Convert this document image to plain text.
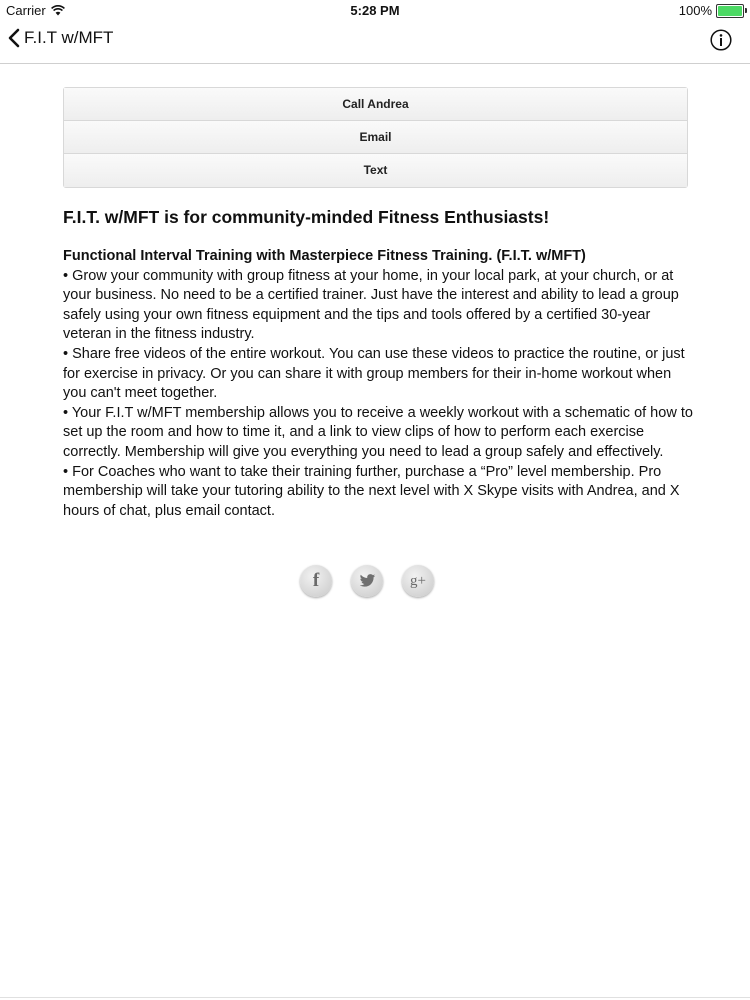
Carrier	5:28 PM	100%
F.I.T w/MFT
Call Andrea
Email
Text
F.I.T. w/MFT is for community-minded Fitness Enthusiasts!

Functional Interval Training with Masterpiece Fitness Training. (F.I.T. w/MFT)

• Grow your community with group fitness at your home, in your local park, at your church, or at your business. No need to be a certified trainer. Just have the interest and ability to lead a group safely using your own fitness equipment and the tips and tools offered by a certified 30-year veteran in the fitness industry.

• Share free videos of the entire workout. You can use these videos to practice the routine, or just for exercise in privacy. Or you can share it with group members for their in-home workout when you can't meet together.

• Your F.I.T w/MFT membership allows you to receive a weekly workout with a schematic of how to set up the room and how to time it, and a link to view clips of how to perform each exercise correctly. Membership will give you everything you need to lead a group safely and effectively.

• For Coaches who want to take their training further, purchase a “Pro” level membership. Pro membership will take your tutoring ability to the next level with X Skype visits with Andrea, and X hours of chat, plus email contact.

f	g+
